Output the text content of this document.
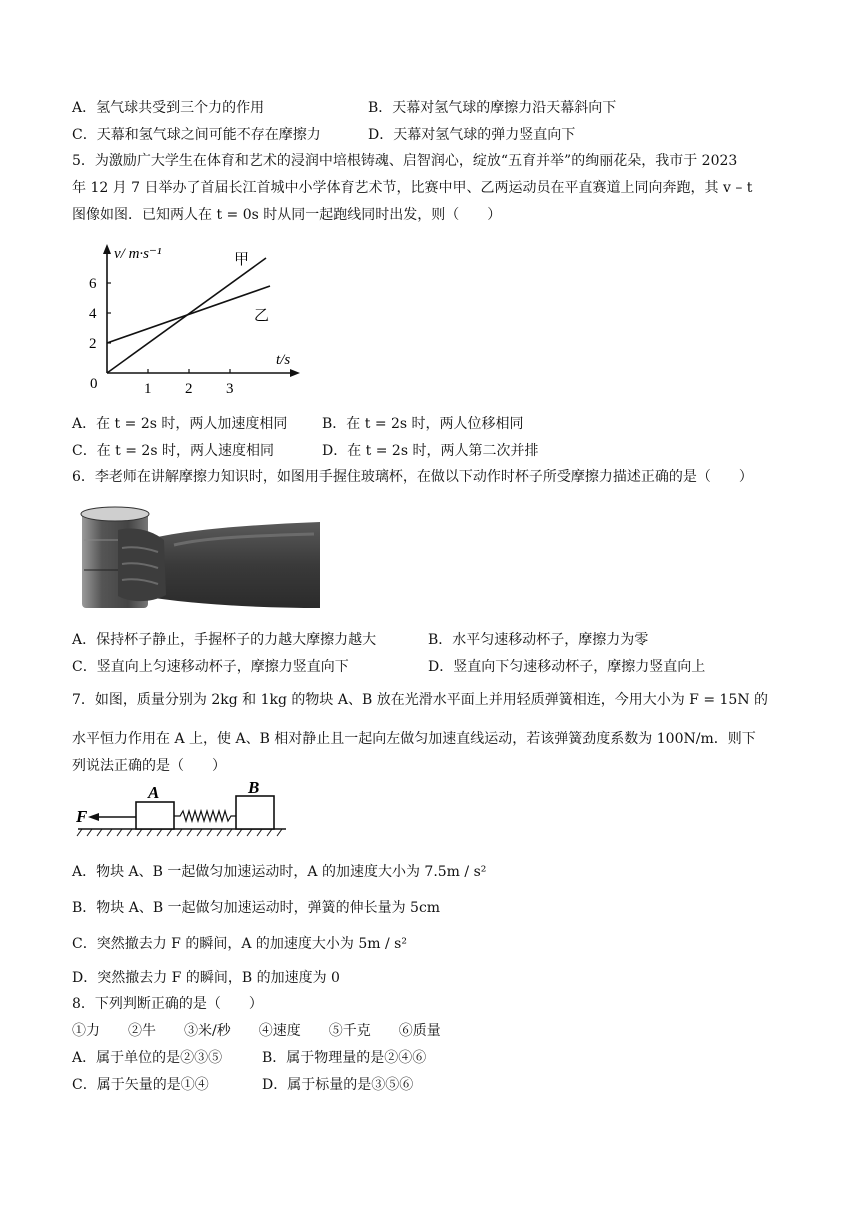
A．氢气球共受到三个力的作用	B．天幕对氢气球的摩擦力沿天幕斜向下
C．天幕和氢气球之间可能不存在摩擦力	D．天幕对氢气球的弹力竖直向下
5．为激励广大学生在体育和艺术的浸润中培根铸魂、启智润心，绽放“五育并举”的绚丽花朵，我市于 2023
年 12 月 7 日举办了首届长江首城中小学体育艺术节，比赛中甲、乙两运动员在平直赛道上同向奔跑，其 v – t
图像如图．已知两人在 t = 0s 时从同一起跑线同时出发，则（　　）
v/ m·s⁻¹
t/s
0
2
4
6
1 2 3
甲
乙
A．在 t = 2s 时，两人加速度相同 B．在 t = 2s 时，两人位移相同
C．在 t = 2s 时，两人速度相同	D．在 t = 2s 时，两人第二次并排
6．李老师在讲解摩擦力知识时，如图用手握住玻璃杯，在做以下动作时杯子所受摩擦力描述正确的是（　　）
A．保持杯子静止，手握杯子的力越大摩擦力越大	B．水平匀速移动杯子，摩擦力为零
C．竖直向上匀速移动杯子，摩擦力竖直向下	D．竖直向下匀速移动杯子，摩擦力竖直向上
7．如图，质量分别为 2kg 和 1kg 的物块 A、B 放在光滑水平面上并用轻质弹簧相连，今用大小为 F = 15N 的
水平恒力作用在 A 上，使 A、B 相对静止且一起向左做匀加速直线运动，若该弹簧劲度系数为 100N/m．则下
列说法正确的是（　　）
F
A	B
A．物块 A、B 一起做匀加速运动时，A 的加速度大小为 7.5m / s²
B．物块 A、B 一起做匀加速运动时，弹簧的伸长量为 5cm
C．突然撤去力 F 的瞬间，A 的加速度大小为 5m / s²
D．突然撤去力 F 的瞬间，B 的加速度为 0
8．下列判断正确的是（　　）
①力　　②牛　　③米/秒　　④速度　　⑤千克　　⑥质量
A．属于单位的是②③⑤	B．属于物理量的是②④⑥
C．属于矢量的是①④	D．属于标量的是③⑤⑥
